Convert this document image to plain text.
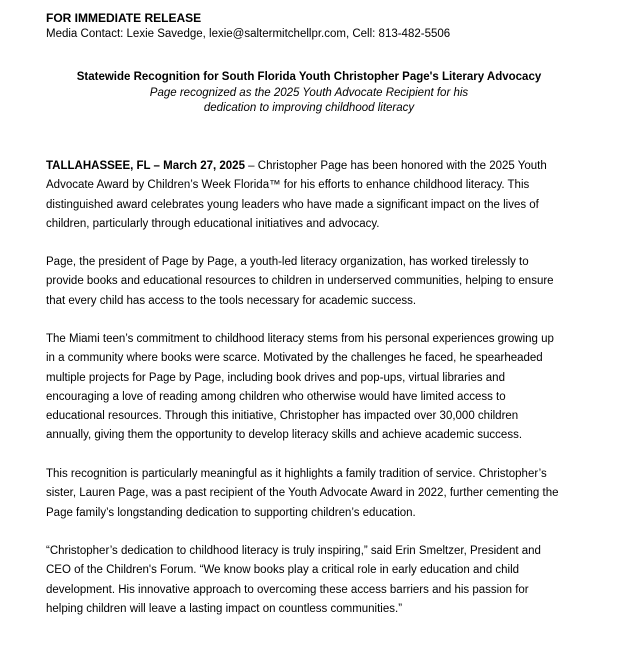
FOR IMMEDIATE RELEASE
Media Contact: Lexie Savedge, lexie@saltermitchellpr.com, Cell: 813-482-5506
Statewide Recognition for South Florida Youth Christopher Page's Literary Advocacy
Page recognized as the 2025 Youth Advocate Recipient for his
dedication to improving childhood literacy
TALLAHASSEE, FL – March 27, 2025 – Christopher Page has been honored with the 2025 Youth
Advocate Award by Children’s Week Florida™ for his efforts to enhance childhood literacy. This
distinguished award celebrates young leaders who have made a significant impact on the lives of
children, particularly through educational initiatives and advocacy.
Page, the president of Page by Page, a youth-led literacy organization, has worked tirelessly to
provide books and educational resources to children in underserved communities, helping to ensure
that every child has access to the tools necessary for academic success.
The Miami teen’s commitment to childhood literacy stems from his personal experiences growing up
in a community where books were scarce. Motivated by the challenges he faced, he spearheaded
multiple projects for Page by Page, including book drives and pop-ups, virtual libraries and
encouraging a love of reading among children who otherwise would have limited access to
educational resources. Through this initiative, Christopher has impacted over 30,000 children
annually, giving them the opportunity to develop literacy skills and achieve academic success.
This recognition is particularly meaningful as it highlights a family tradition of service. Christopher’s
sister, Lauren Page, was a past recipient of the Youth Advocate Award in 2022, further cementing the
Page family’s longstanding dedication to supporting children’s education.
“Christopher’s dedication to childhood literacy is truly inspiring,” said Erin Smeltzer, President and
CEO of the Children's Forum. “We know books play a critical role in early education and child
development. His innovative approach to overcoming these access barriers and his passion for
helping children will leave a lasting impact on countless communities.”
